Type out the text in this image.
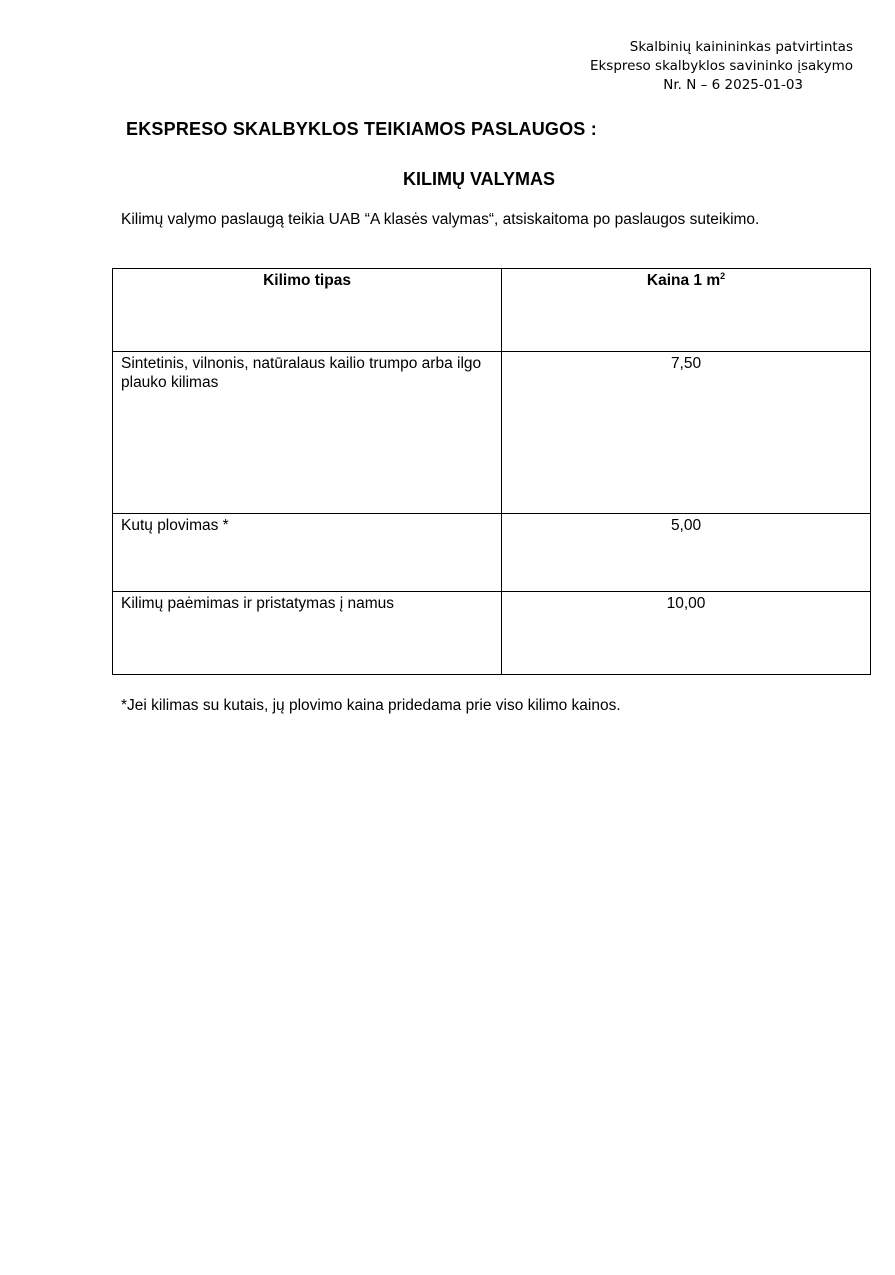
Skalbinių kainininkas patvirtintas
Ekspreso skalbyklos savininko įsakymo
Nr. N – 6 2025-01-03
EKSPRESO SKALBYKLOS TEIKIAMOS PASLAUGOS :
KILIMŲ VALYMAS

Kilimų valymo paslaugą teikia UAB “A klasės valymas“, atsiskaitoma po paslaugos suteikimo.

Kilimo tipas	Kaina 1 $m^2$

Sintetinis, vilnonis, natūralaus kailio trumpo arba ilgo plauko kilimas	7,50

Kutų plovimas *	5,00

Kilimų paėmimas ir pristatymas į namus	10,00

*Jei kilimas su kutais, jų plovimo kaina pridedama prie viso kilimo kainos.
